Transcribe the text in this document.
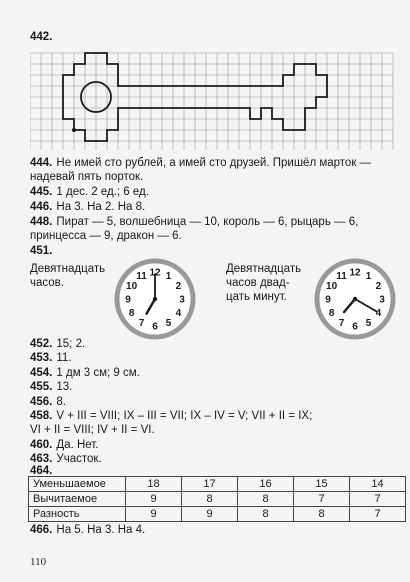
442.
444. Не имей сто рублей, а имей сто друзей. Пришёл марток —
надевай пять порток.
445. 1 дес. 2 ед.; 6 ед.
446. На 3. На 2. На 8.
448. Пират — 5, волшебница — 10, король — 6, рыцарь — 6,
принцесса — 9, дракон — 6.
451.
Девятнадцать
часов.
Девятнадцать
часов двад-
цать минут.
12 1
2
3
4
5
6
7
8
9
10
11	12 1
2
3
4
5
6
7
8
9
10
11
452. 15; 2.
453. 11.
454. 1 дм 3 см; 9 см.
455. 13.
456. 8.
458. V + III = VIII; IX – III = VII; IX – IV = V; VII + II = IX;
VI + II = VIII; IV + II = VI.
460. Да. Нет.
463. Участок.
464.
Уменьшаемое	18	17	16	15	14
Вычитаемое	9	8	8	7	7
Разность	9	9	8	8	7
466. На 5. На 3. На 4.
110
